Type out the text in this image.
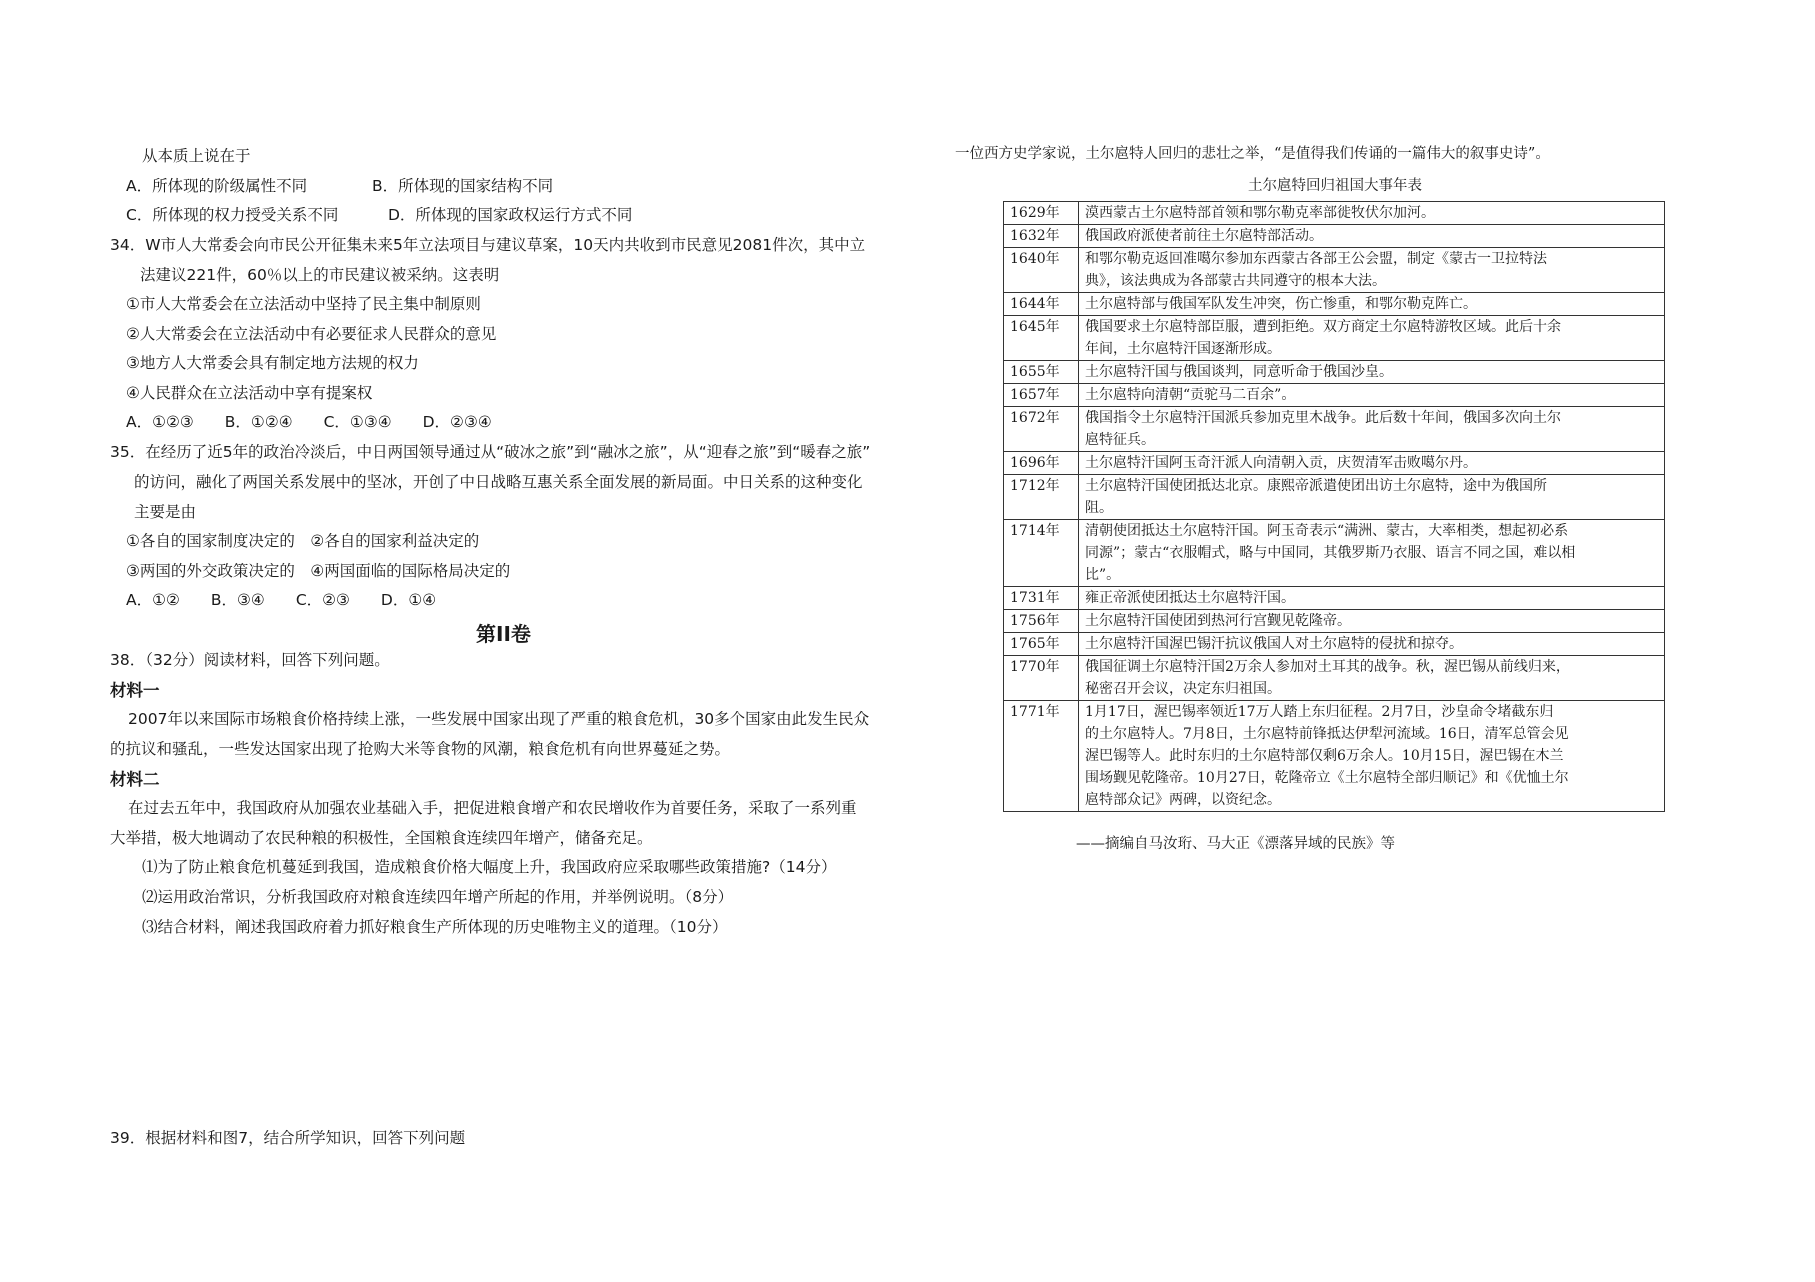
从本质上说在于
A．所体现的阶级属性不同	B．所体现的国家结构不同
C．所体现的权力授受关系不同	D．所体现的国家政权运行方式不同
34．W市人大常委会向市民公开征集未来5年立法项目与建议草案，10天内共收到市民意见2081件次，其中立
法建议221件，60％以上的市民建议被采纳。这表明
①市人大常委会在立法活动中坚持了民主集中制原则
②人大常委会在立法活动中有必要征求人民群众的意见
③地方人大常委会具有制定地方法规的权力
④人民群众在立法活动中享有提案权
A．①②③　　B．①②④　　C．①③④　　D．②③④
35．在经历了近5年的政治冷淡后，中日两国领导通过从“破冰之旅”到“融冰之旅”，从“迎春之旅”到“暖春之旅”
的访问，融化了两国关系发展中的坚冰，开创了中日战略互惠关系全面发展的新局面。中日关系的这种变化
主要是由
①各自的国家制度决定的　②各自的国家利益决定的
③两国的外交政策决定的　④两国面临的国际格局决定的
A．①②　　B．③④　　C．②③　　D．①④
38．（32分）阅读材料，回答下列问题。
材料一
2007年以来国际市场粮食价格持续上涨，一些发展中国家出现了严重的粮食危机，30多个国家由此发生民众
的抗议和骚乱，一些发达国家出现了抢购大米等食物的风潮，粮食危机有向世界蔓延之势。
材料二
在过去五年中，我国政府从加强农业基础入手，把促进粮食增产和农民增收作为首要任务，采取了一系列重
大举措，极大地调动了农民种粮的积极性，全国粮食连续四年增产，储备充足。
⑴为了防止粮食危机蔓延到我国，造成粮食价格大幅度上升，我国政府应采取哪些政策措施?（14分）
⑵运用政治常识，分析我国政府对粮食连续四年增产所起的作用，并举例说明。（8分）
⑶结合材料，阐述我国政府着力抓好粮食生产所体现的历史唯物主义的道理。（10分）
39．根据材料和图7，结合所学知识，回答下列问题
第II卷
一位西方史学家说，土尔扈特人回归的悲壮之举，“是值得我们传诵的一篇伟大的叙事史诗”。
土尔扈特回归祖国大事年表
1629年	漠西蒙古土尔扈特部首领和鄂尔勒克率部徙牧伏尔加河。

1632年	俄国政府派使者前往土尔扈特部活动。

1640年	和鄂尔勒克返回准噶尔参加东西蒙古各部王公会盟，制定《蒙古一卫拉特法
典》，该法典成为各部蒙古共同遵守的根本大法。

1644年	土尔扈特部与俄国军队发生冲突，伤亡惨重，和鄂尔勒克阵亡。

1645年	俄国要求土尔扈特部臣服，遭到拒绝。双方商定土尔扈特游牧区域。此后十余
年间，土尔扈特汗国逐渐形成。

1655年	土尔扈特汗国与俄国谈判，同意听命于俄国沙皇。

1657年	土尔扈特向清朝“贡驼马二百余”。

1672年	俄国指令土尔扈特汗国派兵参加克里木战争。此后数十年间，俄国多次向土尔
扈特征兵。

1696年	土尔扈特汗国阿玉奇汗派人向清朝入贡，庆贺清军击败噶尔丹。

1712年	土尔扈特汗国使团抵达北京。康熙帝派遣使团出访土尔扈特，途中为俄国所
阻。

1714年	清朝使团抵达土尔扈特汗国。阿玉奇表示“满洲、蒙古，大率相类，想起初必系
同源”；蒙古“衣服帽式，略与中国同，其俄罗斯乃衣服、语言不同之国，难以相
比”。

1731年	雍正帝派使团抵达土尔扈特汗国。

1756年	土尔扈特汗国使团到热河行宫觐见乾隆帝。

1765年	土尔扈特汗国渥巴锡汗抗议俄国人对土尔扈特的侵扰和掠夺。

1770年	俄国征调土尔扈特汗国2万余人参加对土耳其的战争。秋，渥巴锡从前线归来，
秘密召开会议，决定东归祖国。

1771年	1月17日，渥巴锡率领近17万人踏上东归征程。2月7日，沙皇命令堵截东归
的土尔扈特人。7月8日，土尔扈特前锋抵达伊犁河流域。16日，清军总管会见
渥巴锡等人。此时东归的土尔扈特部仅剩6万余人。10月15日，渥巴锡在木兰
围场觐见乾隆帝。10月27日，乾隆帝立《土尔扈特全部归顺记》和《优恤土尔
扈特部众记》两碑，以资纪念。
——摘编自马汝珩、马大正《漂落异域的民族》等
